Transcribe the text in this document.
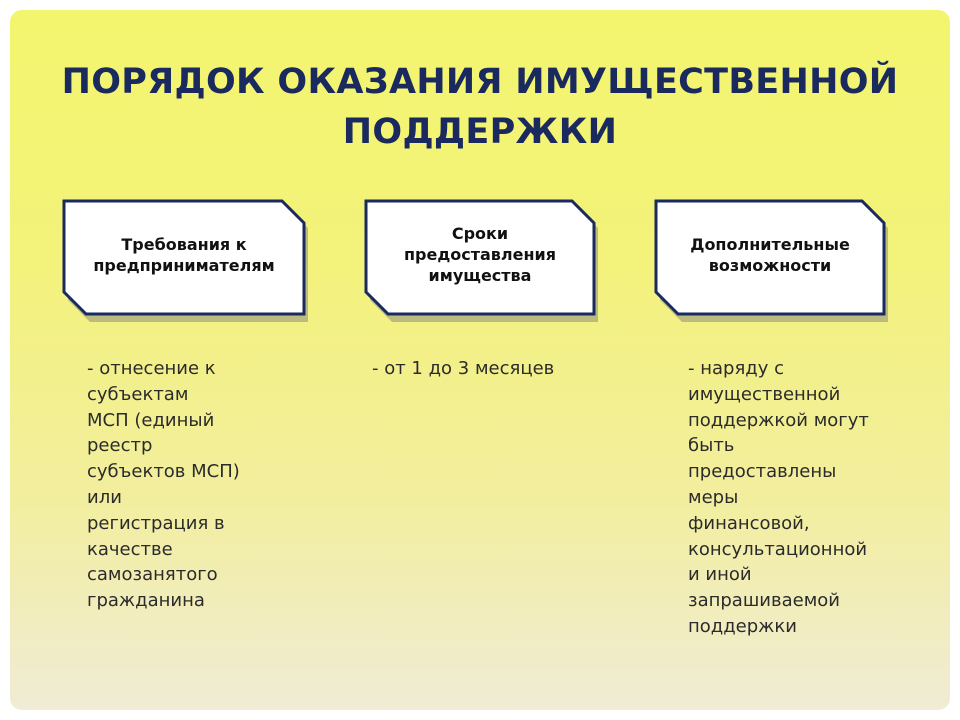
ПОРЯДОК ОКАЗАНИЯ ИМУЩЕСТВЕННОЙ
ПОДДЕРЖКИ
Требования к
предпринимателям
Сроки
предоставления
имущества
Дополнительные
возможности
- отнесение к
субъектам
МСП (единый
реестр
субъектов МСП)
или
регистрация в
качестве
самозанятого
гражданина
- от 1 до 3 месяцев	- наряду с
имущественной
поддержкой могут
быть
предоставлены
меры
финансовой,
консультационной
и иной
запрашиваемой
поддержки
